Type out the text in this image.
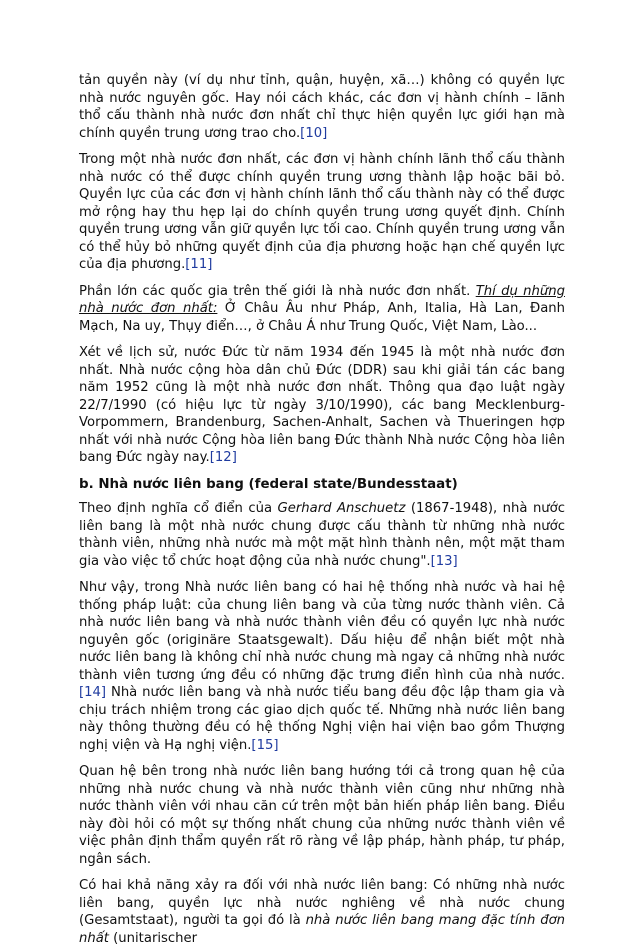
tản quyền này (ví dụ như tỉnh, quận, huyện, xã…) không có quyền lực nhà nước nguyên gốc. Hay nói cách khác, các đơn vị hành chính – lãnh thổ cấu thành nhà nước đơn nhất chỉ thực hiện quyền lực giới hạn mà chính quyền trung ương trao cho.[10]

Trong một nhà nước đơn nhất, các đơn vị hành chính lãnh thổ cấu thành nhà nước có thể được chính quyền trung ương thành lập hoặc bãi bỏ. Quyền lực của các đơn vị hành chính lãnh thổ cấu thành này có thể được mở rộng hay thu hẹp lại do chính quyền trung ương quyết định. Chính quyền trung ương vẫn giữ quyền lực tối cao. Chính quyền trung ương vẫn có thể hủy bỏ những quyết định của địa phương hoặc hạn chế quyền lực của địa phương.[11]

Phần lớn các quốc gia trên thế giới là nhà nước đơn nhất. Thí dụ những nhà nước đơn nhất: Ở Châu Âu như Pháp, Anh, Italia, Hà Lan, Đanh Mạch, Na uy, Thụy điển…, ở Châu Á như Trung Quốc, Việt Nam, Lào...

Xét về lịch sử, nước Đức từ năm 1934 đến 1945 là một nhà nước đơn nhất. Nhà nước cộng hòa dân chủ Đức (DDR) sau khi giải tán các bang năm 1952 cũng là một nhà nước đơn nhất. Thông qua đạo luật ngày 22/7/1990 (có hiệu lực từ ngày 3/10/1990), các bang Mecklenburg-Vorpommern, Brandenburg, Sachen-Anhalt, Sachen và Thueringen hợp nhất với nhà nước Cộng hòa liên bang Đức thành Nhà nước Cộng hòa liên bang Đức ngày nay.[12]

b. Nhà nước liên bang (federal state/Bundesstaat)

Theo định nghĩa cổ điển của Gerhard Anschuetz (1867-1948), nhà nước liên bang là một nhà nước chung được cấu thành từ những nhà nước thành viên, những nhà nước mà một mặt hình thành nên, một mặt tham gia vào việc tổ chức hoạt động của nhà nước chung".[13]

Như vậy, trong Nhà nước liên bang có hai hệ thống nhà nước và hai hệ thống pháp luật: của chung liên bang và của từng nước thành viên. Cả nhà nước liên bang và nhà nước thành viên đều có quyền lực nhà nước nguyên gốc (originäre Staatsgewalt). Dấu hiệu để nhận biết một nhà nước liên bang là không chỉ nhà nước chung mà ngay cả những nhà nước thành viên tương ứng đều có những đặc trưng điển hình của nhà nước.[14] Nhà nước liên bang và nhà nước tiểu bang đều độc lập tham gia và chịu trách nhiệm trong các giao dịch quốc tế. Những nhà nước liên bang này thông thường đều có hệ thống Nghị viện hai viện bao gồm Thượng nghị viện và Hạ nghị viện.[15]

Quan hệ bên trong nhà nước liên bang hướng tới cả trong quan hệ của những nhà nước chung và nhà nước thành viên cũng như những nhà nước thành viên với nhau căn cứ trên một bản hiến pháp liên bang. Điều này đòi hỏi có một sự thống nhất chung của những nước thành viên về việc phân định thẩm quyền rất rõ ràng về lập pháp, hành pháp, tư pháp, ngân sách.

Có hai khả năng xảy ra đối với nhà nước liên bang: Có những nhà nước liên bang, quyền lực nhà nước nghiêng về nhà nước chung (Gesamtstaat), người ta gọi đó là nhà nước liên bang mang đặc tính đơn nhất (unitarischer
